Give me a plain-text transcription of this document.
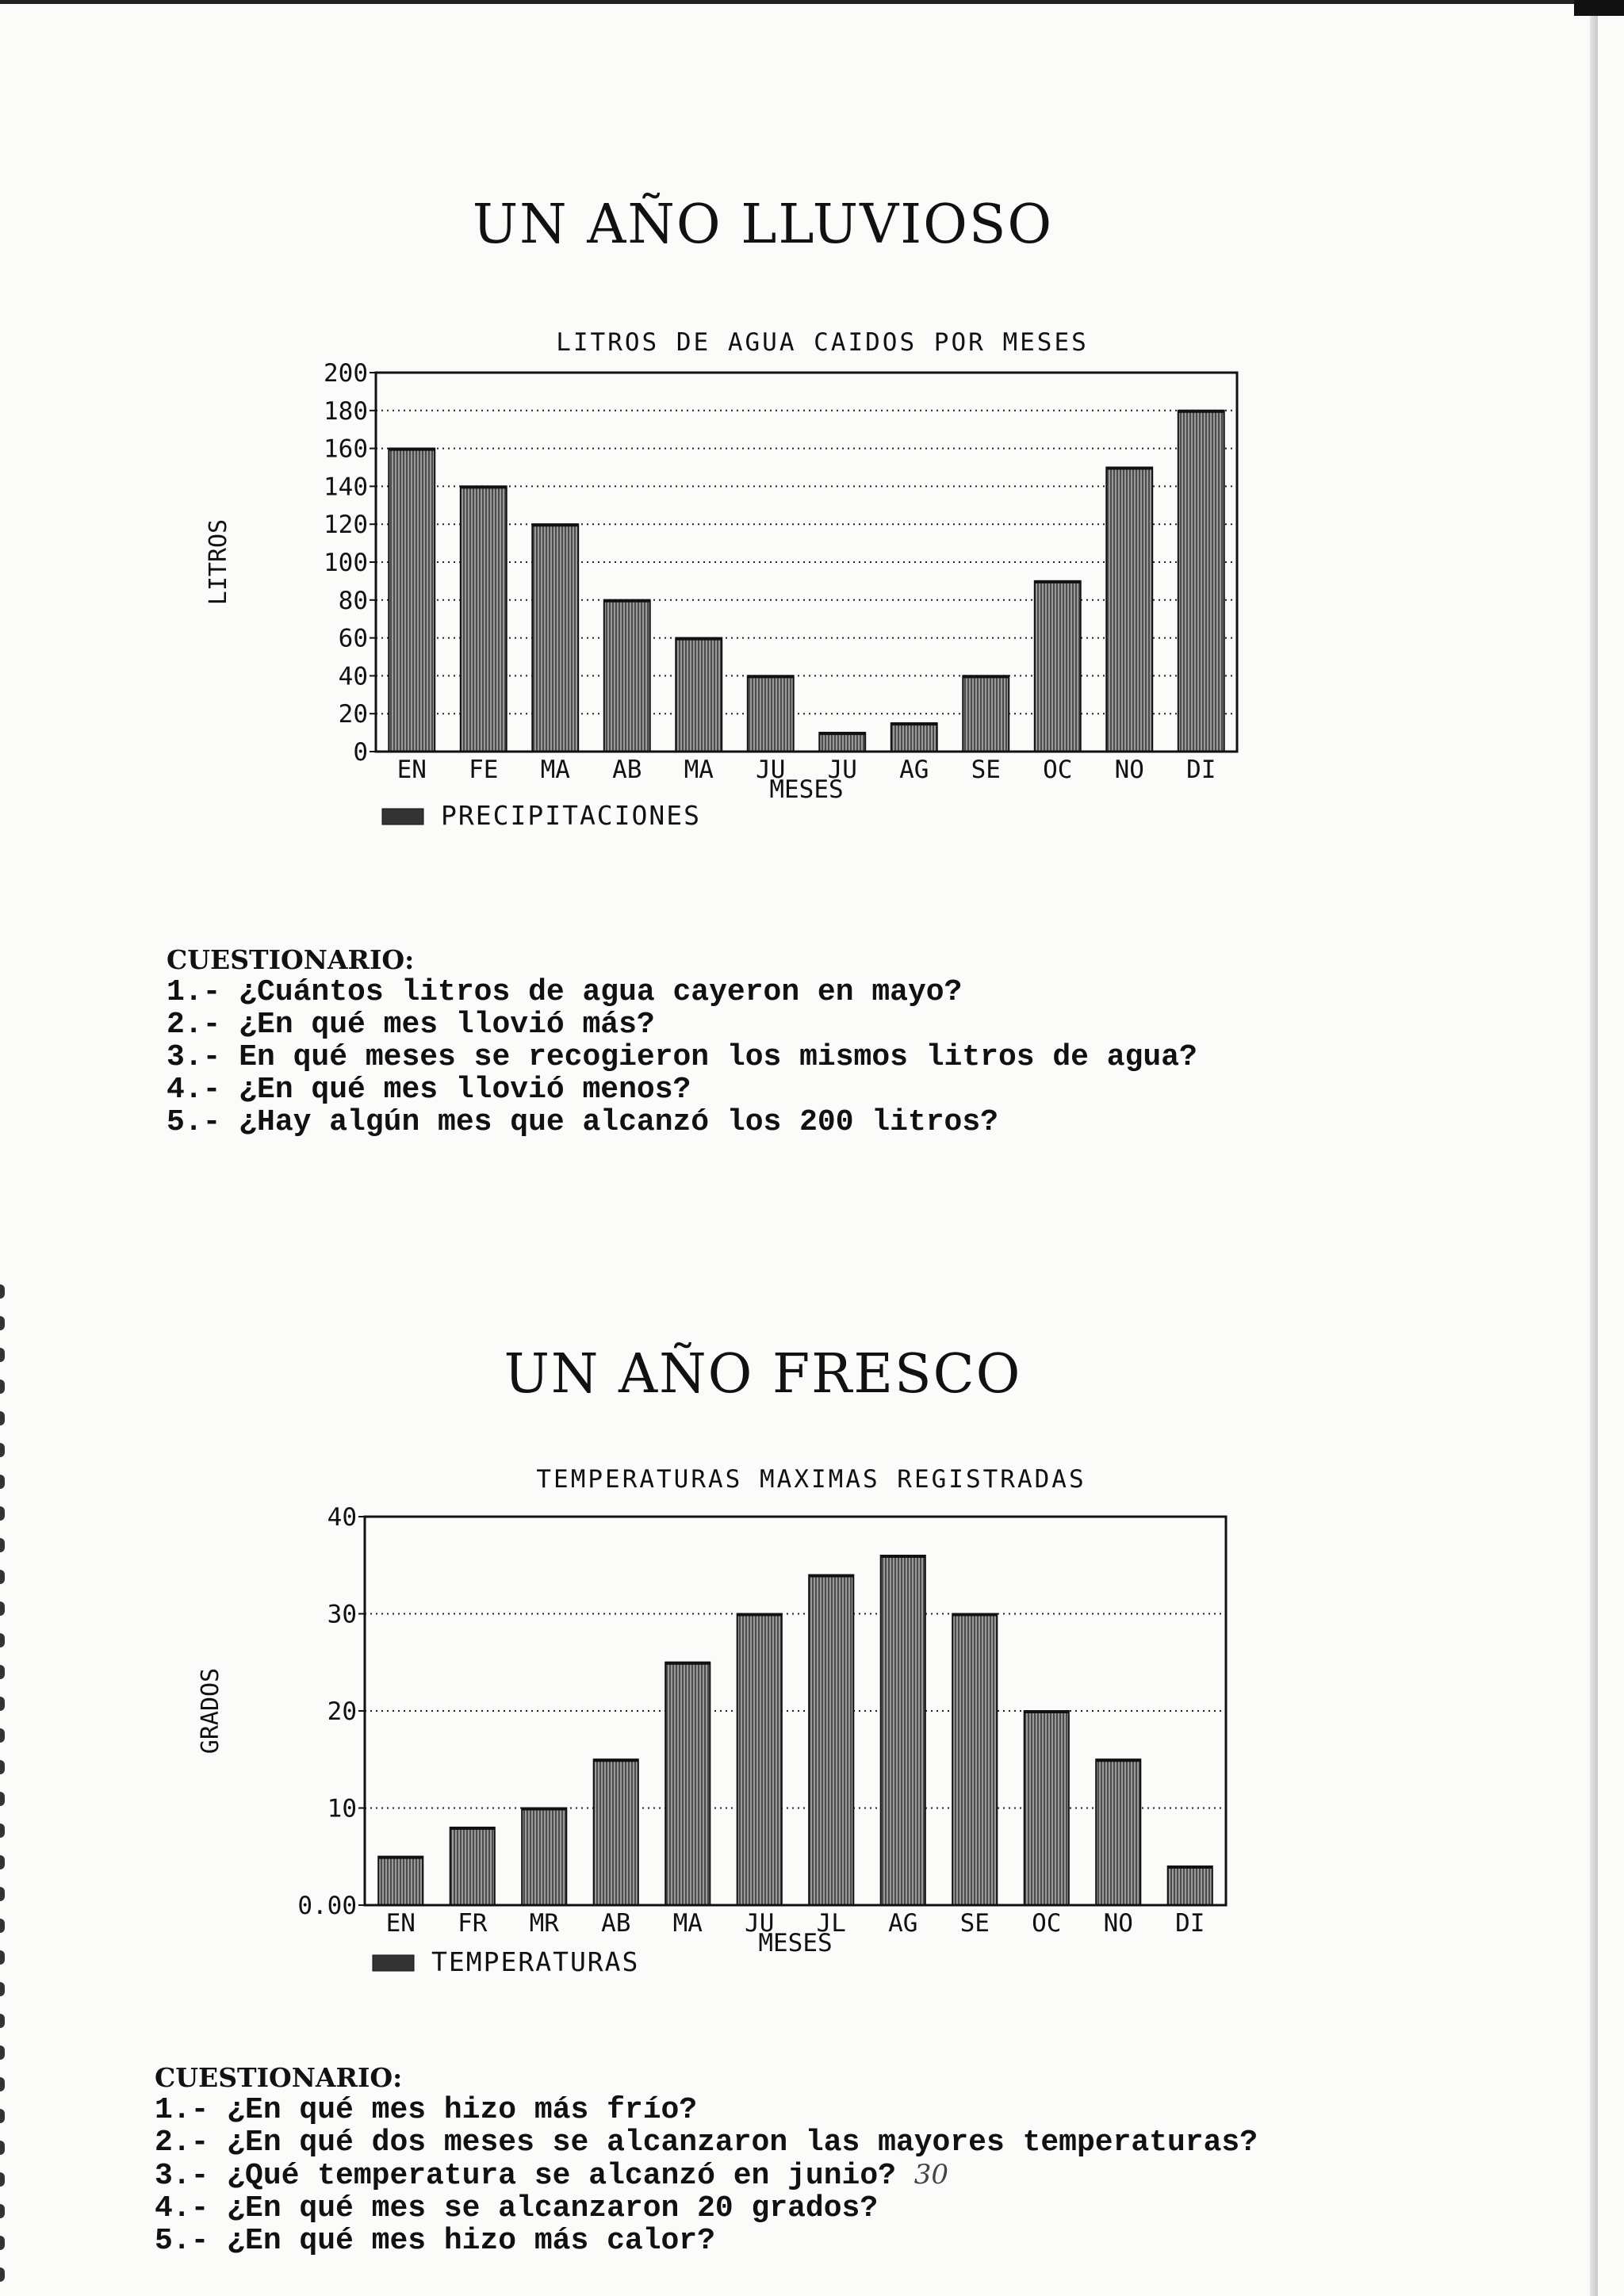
UN AÑO LLUVIOSO
LITROS DE AGUA CAIDOS POR MESES
0
20
40
60
80
100
120
140
160
180
200
EN FE MA AB MA JU JU AG SE OC NO DI
MESES
LITROS
PRECIPITACIONES
CUESTIONARIO:
1.- ¿Cuántos litros de agua cayeron en mayo?
2.- ¿En qué mes llovió más?
3.- En qué meses se recogieron los mismos litros de agua?
4.- ¿En qué mes llovió menos?
5.- ¿Hay algún mes que alcanzó los 200 litros?
UN AÑO FRESCO
TEMPERATURAS MAXIMAS REGISTRADAS
0.00
10
20
30
40
EN FR MR AB MA JU JL AG SE OC NO DI
MESES
GRADOS
TEMPERATURAS
CUESTIONARIO:
1.- ¿En qué mes hizo más frío?
2.- ¿En qué dos meses se alcanzaron las mayores temperaturas?
3.- ¿Qué temperatura se alcanzó en junio? 30
4.- ¿En qué mes se alcanzaron 20 grados?
5.- ¿En qué mes hizo más calor?
